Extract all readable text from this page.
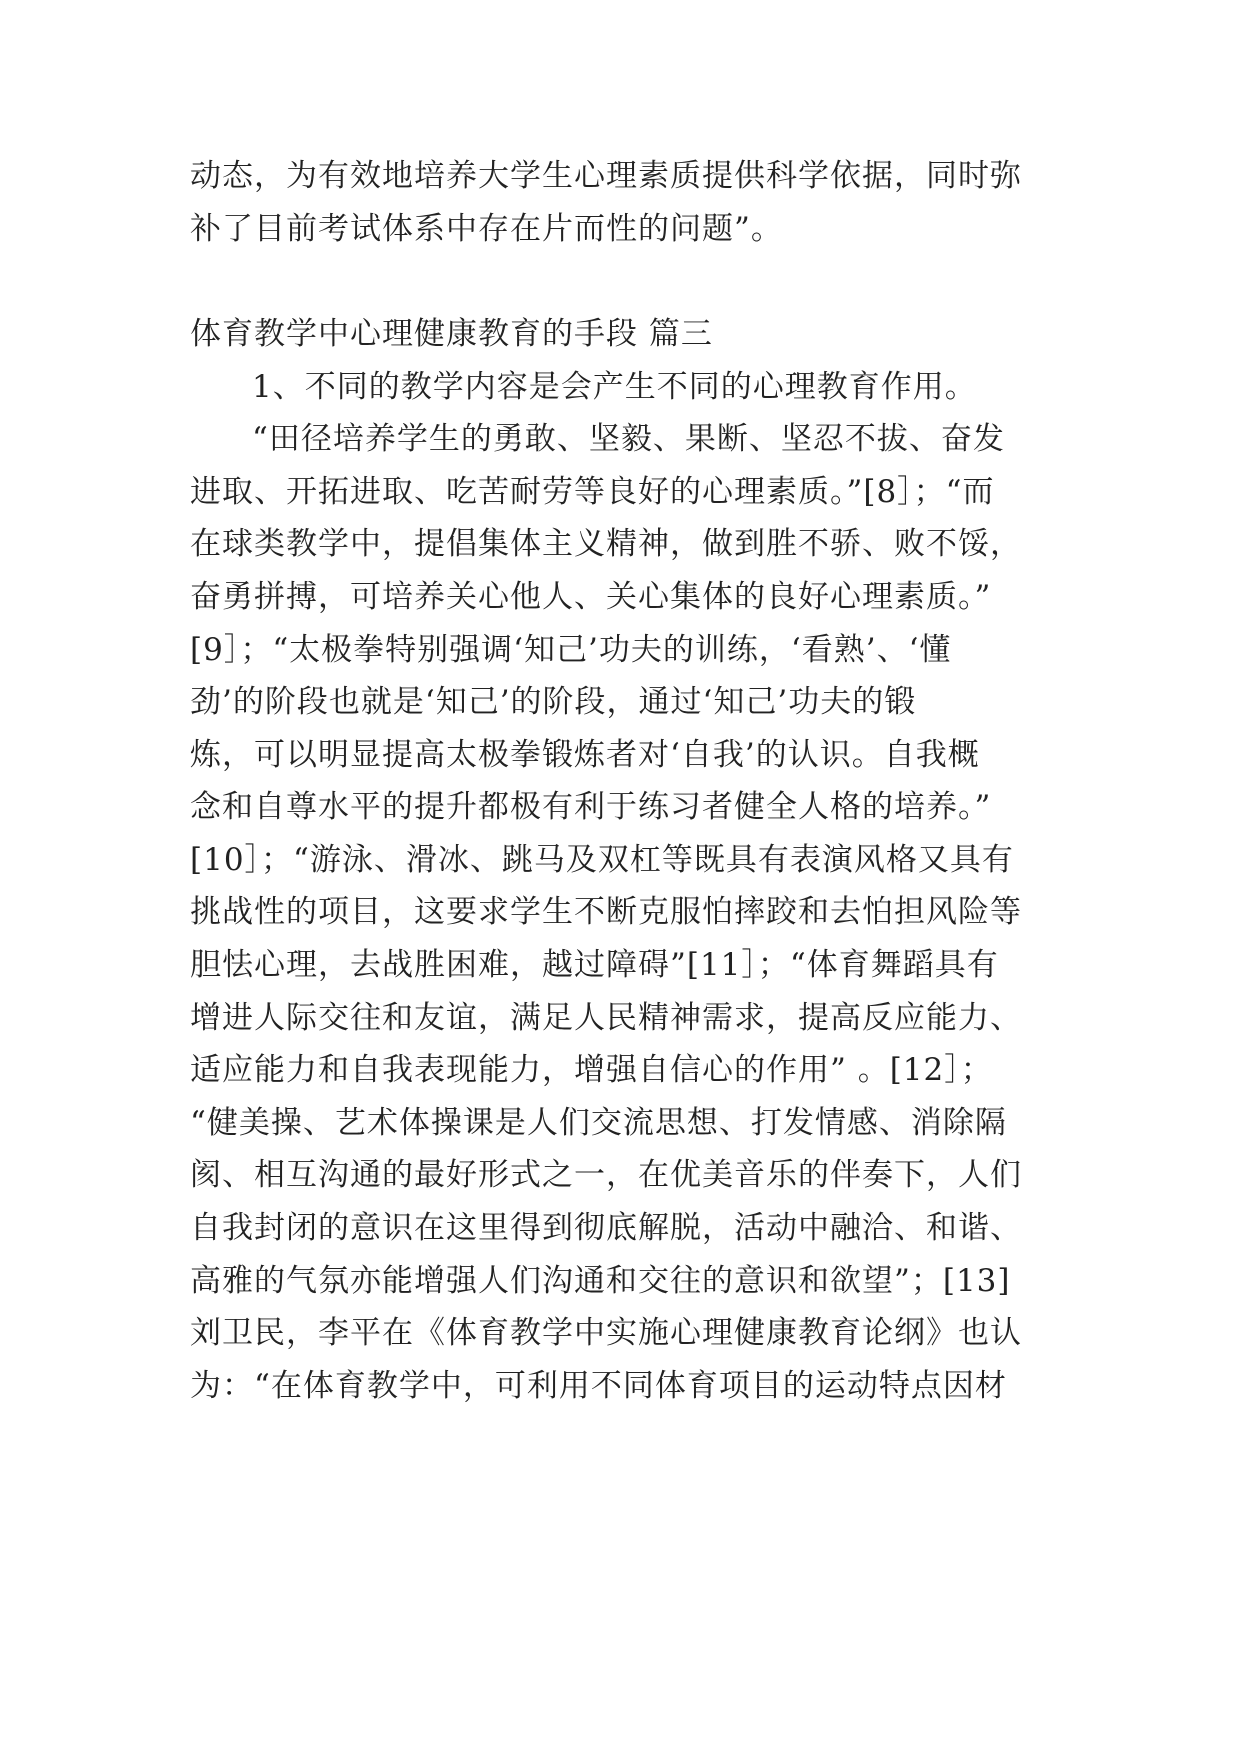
动态，为有效地培养大学生心理素质提供科学依据，同时弥
补了目前考试体系中存在片而性的问题”。
体育教学中心理健康教育的手段 篇三
1、不同的教学内容是会产生不同的心理教育作用。
“田径培养学生的勇敢、坚毅、果断、坚忍不拔、奋发
进取、开拓进取、吃苦耐劳等良好的心理素质。”[8］；“而
在球类教学中，提倡集体主义精神，做到胜不骄、败不馁，
奋勇拼搏，可培养关心他人、关心集体的良好心理素质。”
[9］；“太极拳特别强调‘知己’功夫的训练，‘看熟’、‘懂
劲’的阶段也就是‘知己’的阶段，通过‘知己’功夫的锻
炼，可以明显提高太极拳锻炼者对‘自我’的认识。自我概
念和自尊水平的提升都极有利于练习者健全人格的培养。”
[10］；“游泳、滑冰、跳马及双杠等既具有表演风格又具有
挑战性的项目，这要求学生不断克服怕摔跤和去怕担风险等
胆怯心理，去战胜困难，越过障碍”[11］；“体育舞蹈具有
增进人际交往和友谊，满足人民精神需求，提高反应能力、
适应能力和自我表现能力，增强自信心的作用” 。[12］；
“健美操、艺术体操课是人们交流思想、打发情感、消除隔
阂、相互沟通的最好形式之一，在优美音乐的伴奏下，人们
自我封闭的意识在这里得到彻底解脱，活动中融洽、和谐、
高雅的气氛亦能增强人们沟通和交往的意识和欲望”；[13]
刘卫民，李平在《体育教学中实施心理健康教育论纲》也认
为：“在体育教学中，可利用不同体育项目的运动特点因材
